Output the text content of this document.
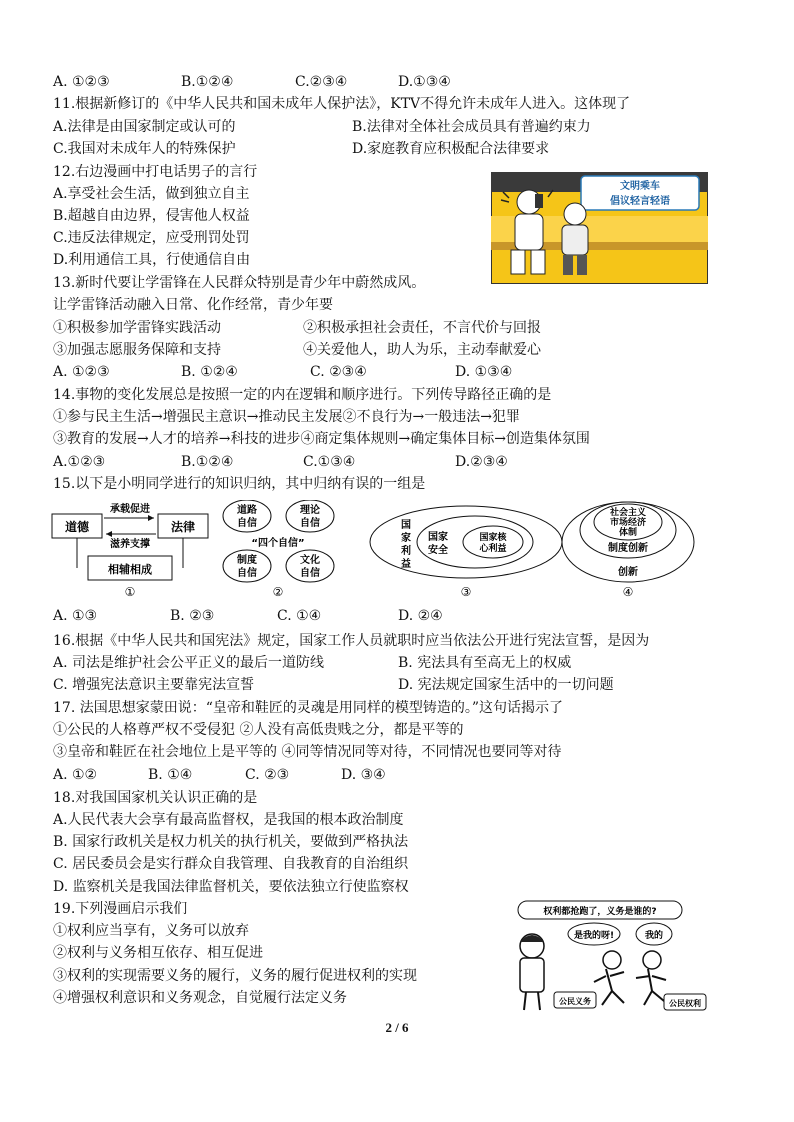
A. ①②③	B.①②④	C.②③④	D.①③④
11.根据新修订的《中华人民共和国未成年人保护法》，KTV不得允许未成年人进入。这体现了
A.法律是由国家制定或认可的	B.法律对全体社会成员具有普遍约束力
C.我国对未成年人的特殊保护	D.家庭教育应积极配合法律要求
12.右边漫画中打电话男子的言行
A.享受社会生活，做到独立自主
B.超越自由边界，侵害他人权益
C.违反法律规定，应受刑罚处罚
D.利用通信工具，行使通信自由
文明乘车
倡议轻言轻语
13.新时代要让学雷锋在人民群众特别是青少年中蔚然成风。
让学雷锋活动融入日常、化作经常，青少年要
①积极参加学雷锋实践活动	②积极承担社会责任，不言代价与回报
③加强志愿服务保障和支持	④关爱他人，助人为乐，主动奉献爱心
A. ①②③	B. ①②④	C. ②③④	D. ①③④
14.事物的变化发展总是按照一定的内在逻辑和顺序进行。下列传导路径正确的是
①参与民主生活→增强民主意识→推动民主发展②不良行为→一般违法→犯罪
③教育的发展→人才的培养→科技的进步④商定集体规则→确定集体目标→创造集体氛围
A.①②③	B.①②④	C.①③④	D.②③④
15.以下是小明同学进行的知识归纳，其中归纳有误的一组是
道德	法律
承载促进
滋养支撑
相辅相成
①
道路
自信
理论
自信
“四个自信”
制度
自信
文化
自信
②
国
家
利
益
国家
安全
国家核
心利益
③
社会主义
市场经济
体制
制度创新
创新
④
A. ①③	B. ②③	C. ①④	D. ②④
16.根据《中华人民共和国宪法》规定，国家工作人员就职时应当依法公开进行宪法宣誓，是因为
A. 司法是维护社会公平正义的最后一道防线	B. 宪法具有至高无上的权威
C. 增强宪法意识主要靠宪法宣誓	D. 宪法规定国家生活中的一切问题
17. 法国思想家蒙田说：“皇帝和鞋匠的灵魂是用同样的模型铸造的。”这句话揭示了
①公民的人格尊严权不受侵犯 ②人没有高低贵贱之分，都是平等的
③皇帝和鞋匠在社会地位上是平等的 ④同等情况同等对待，不同情况也要同等对待
A. ①②	B. ①④	C. ②③	D. ③④
18.对我国国家机关认识正确的是
A.人民代表大会享有最高监督权，是我国的根本政治制度
B. 国家行政机关是权力机关的执行机关，要做到严格执法
C. 居民委员会是实行群众自我管理、自我教育的自治组织
D. 监察机关是我国法律监督机关，要依法独立行使监察权
19.下列漫画启示我们
①权利应当享有，义务可以放弃
②权利与义务相互依存、相互促进
③权利的实现需要义务的履行，义务的履行促进权利的实现
④增强权利意识和义务观念，自觉履行法定义务
权利都抢跑了，义务是谁的?
是我的呀!	我的
公民义务	公民权利
2 / 6
